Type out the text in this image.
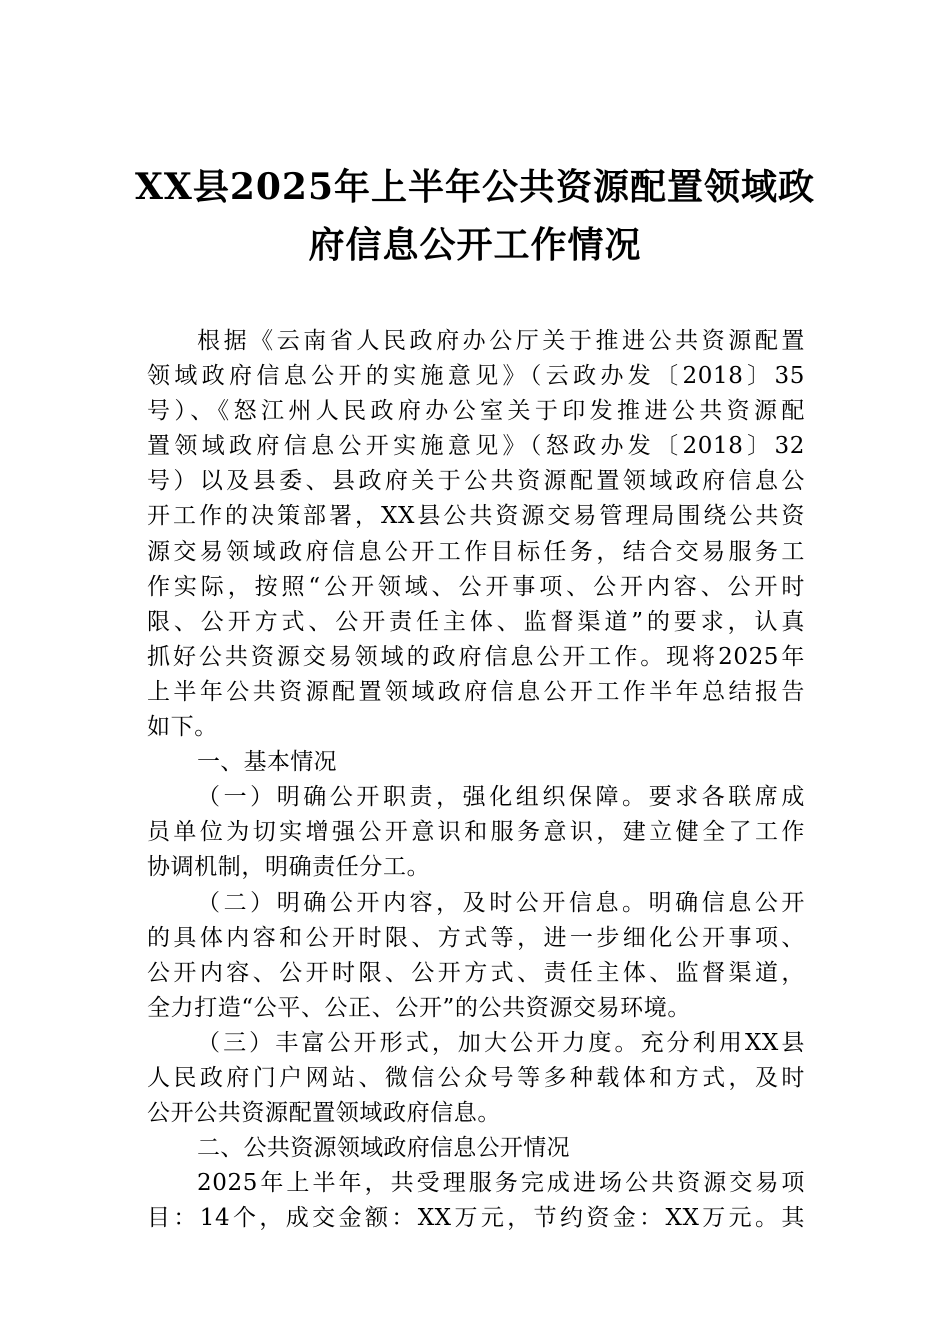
XX县2025年上半年公共资源配置领域政
府信息公开工作情况
根据《云南省人民政府办公厅关于推进公共资源配置
领域政府信息公开的实施意见》（云政办发〔2018〕35
号）、《怒江州人民政府办公室关于印发推进公共资源配
置领域政府信息公开实施意见》（怒政办发〔2018〕32
号）以及县委、县政府关于公共资源配置领域政府信息公
开工作的决策部署，XX县公共资源交易管理局围绕公共资
源交易领域政府信息公开工作目标任务，结合交易服务工
作实际，按照“公开领域、公开事项、公开内容、公开时
限、公开方式、公开责任主体、监督渠道”的要求，认真
抓好公共资源交易领域的政府信息公开工作。现将2025年
上半年公共资源配置领域政府信息公开工作半年总结报告
如下。
一、基本情况
（一）明确公开职责，强化组织保障。要求各联席成
员单位为切实增强公开意识和服务意识，建立健全了工作
协调机制，明确责任分工。
（二）明确公开内容，及时公开信息。明确信息公开
的具体内容和公开时限、方式等，进一步细化公开事项、
公开内容、公开时限、公开方式、责任主体、监督渠道，
全力打造“公平、公正、公开”的公共资源交易环境。
（三）丰富公开形式，加大公开力度。充分利用XX县
人民政府门户网站、微信公众号等多种载体和方式，及时
公开公共资源配置领域政府信息。
二、公共资源领域政府信息公开情况
2025年上半年，共受理服务完成进场公共资源交易项
目：14个，成交金额：XX万元，节约资金：XX万元。其
